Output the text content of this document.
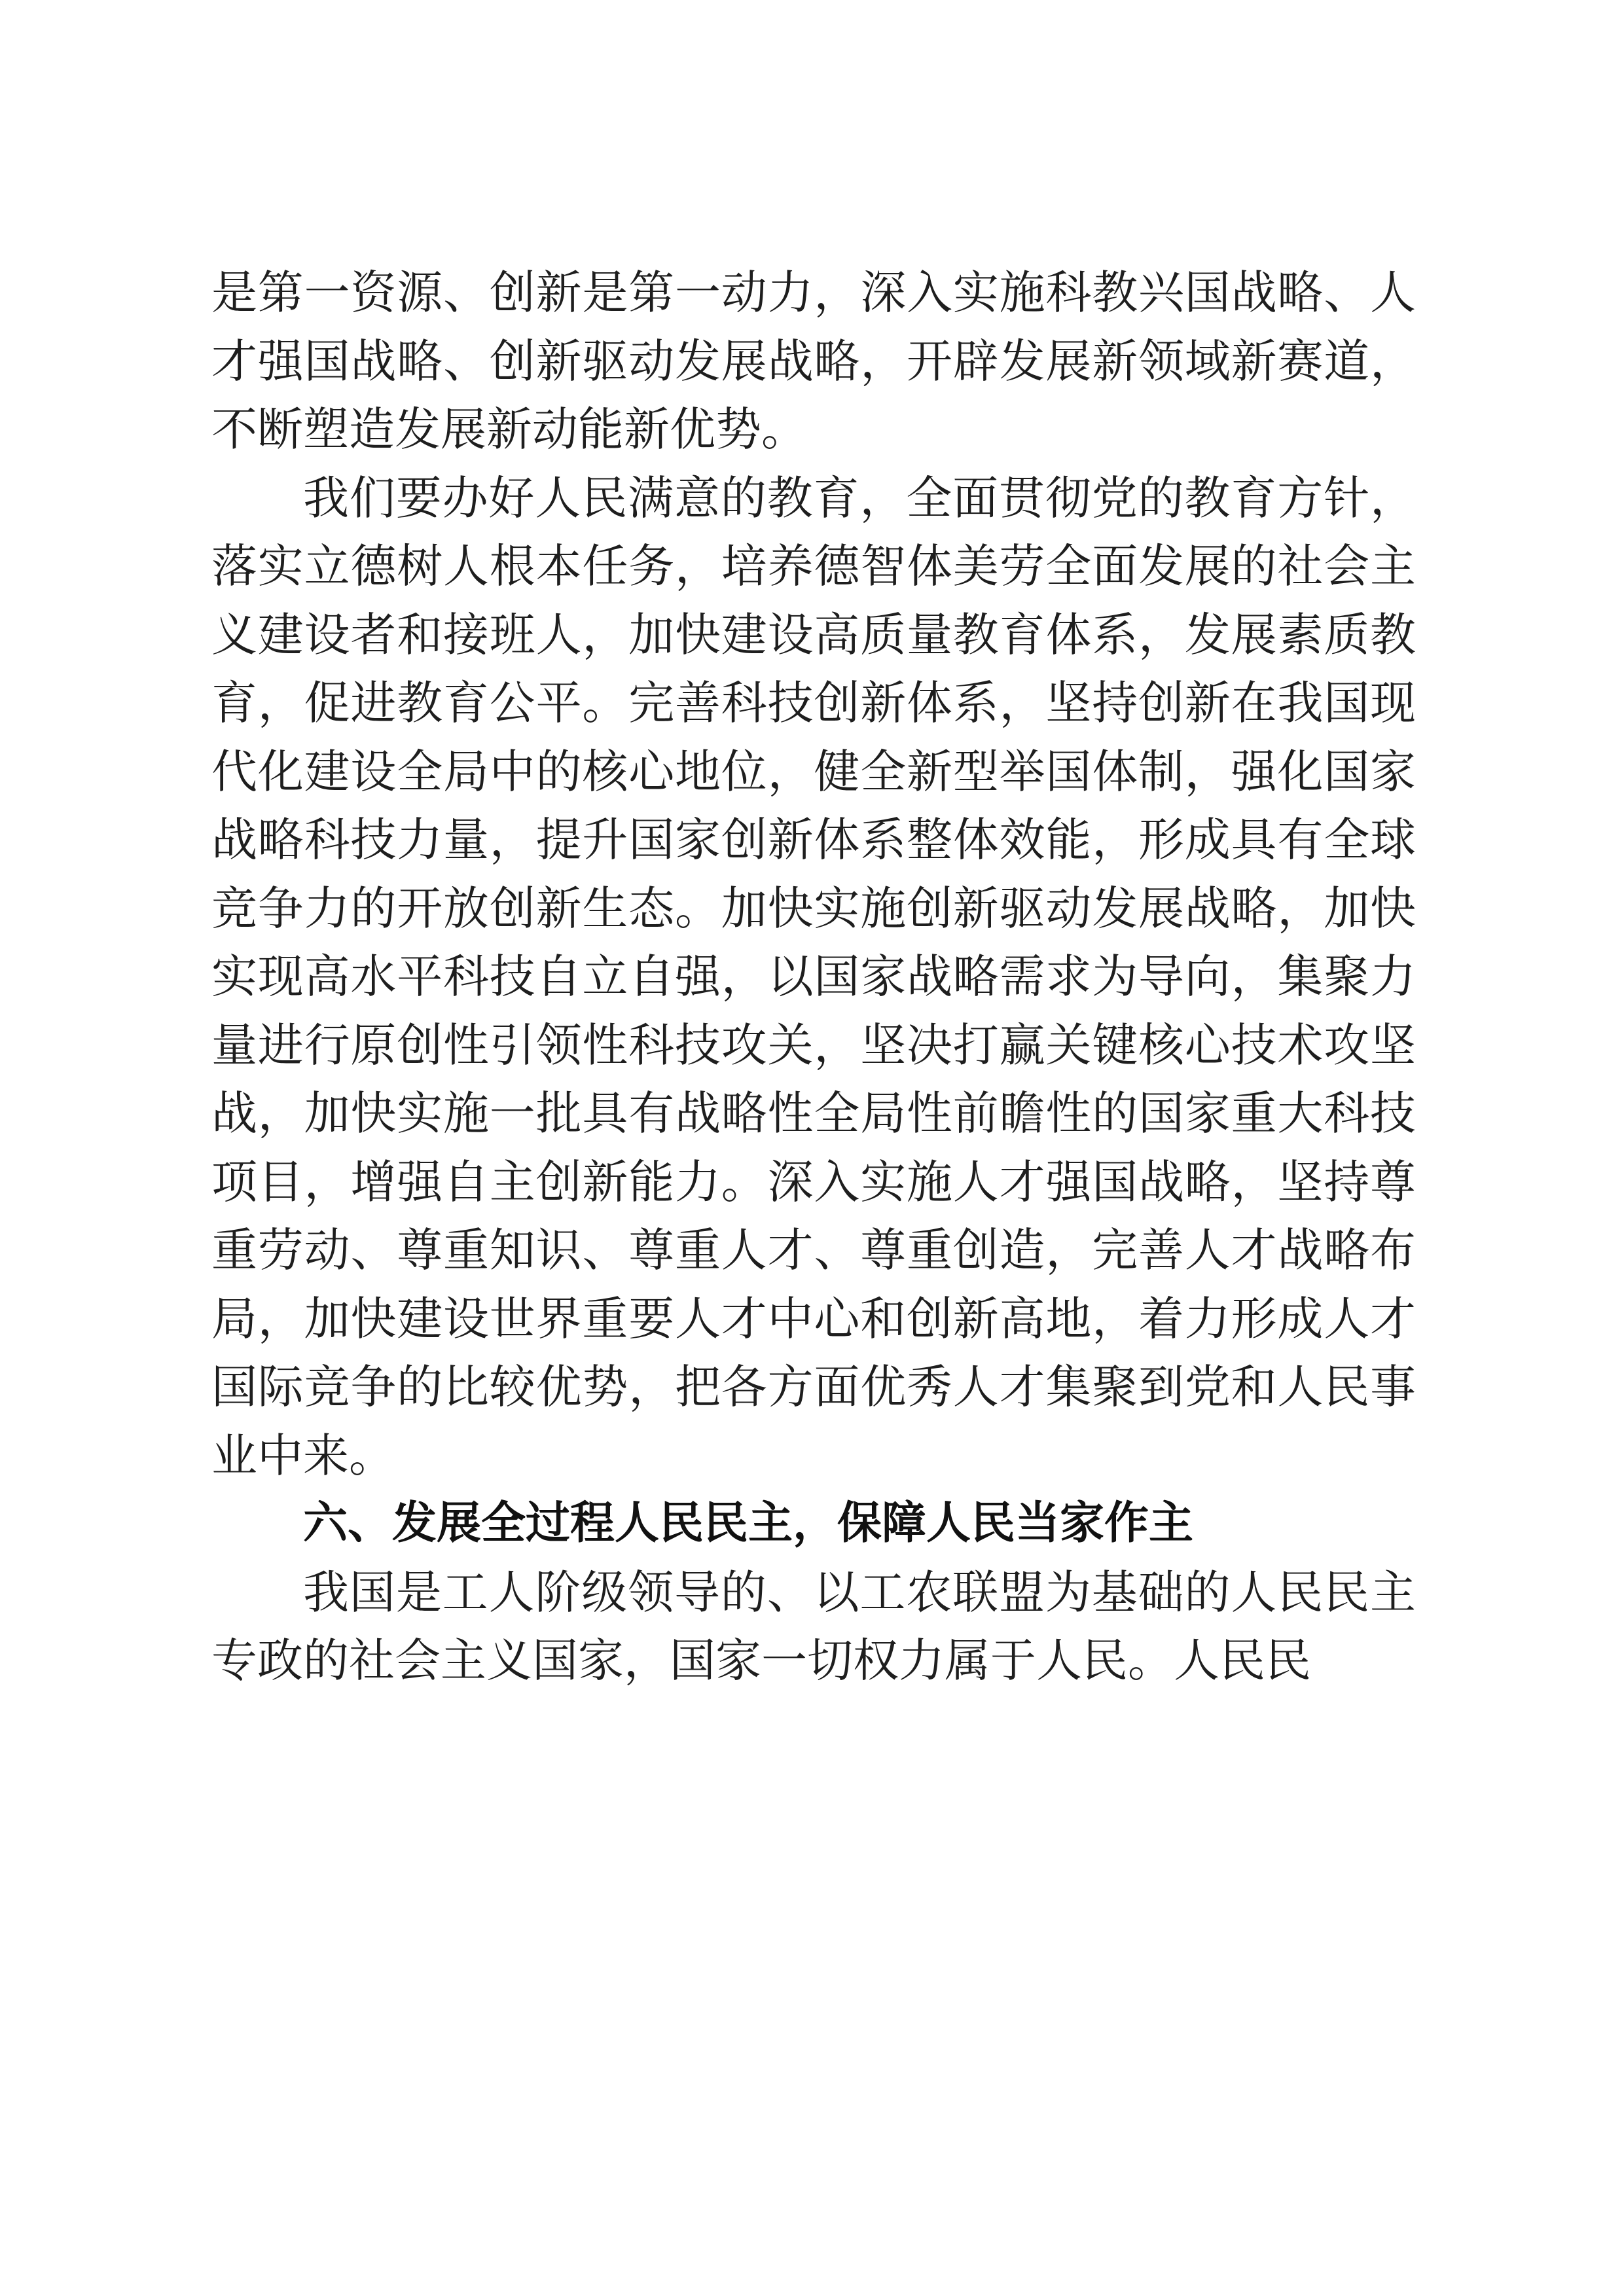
是第一资源、创新是第一动力，深入实施科教兴国战略、人才强国战略、创新驱动发展战略，开辟发展新领域新赛道，不断塑造发展新动能新优势。

我们要办好人民满意的教育，全面贯彻党的教育方针，落实立德树人根本任务，培养德智体美劳全面发展的社会主义建设者和接班人，加快建设高质量教育体系，发展素质教育，促进教育公平。完善科技创新体系，坚持创新在我国现代化建设全局中的核心地位，健全新型举国体制，强化国家战略科技力量，提升国家创新体系整体效能，形成具有全球竞争力的开放创新生态。加快实施创新驱动发展战略，加快实现高水平科技自立自强，以国家战略需求为导向，集聚力量进行原创性引领性科技攻关，坚决打赢关键核心技术攻坚战，加快实施一批具有战略性全局性前瞻性的国家重大科技项目，增强自主创新能力。深入实施人才强国战略，坚持尊重劳动、尊重知识、尊重人才、尊重创造，完善人才战略布局，加快建设世界重要人才中心和创新高地，着力形成人才国际竞争的比较优势，把各方面优秀人才集聚到党和人民事业中来。

六、发展全过程人民民主，保障人民当家作主

我国是工人阶级领导的、以工农联盟为基础的人民民主专政的社会主义国家，国家一切权力属于人民。人民民
